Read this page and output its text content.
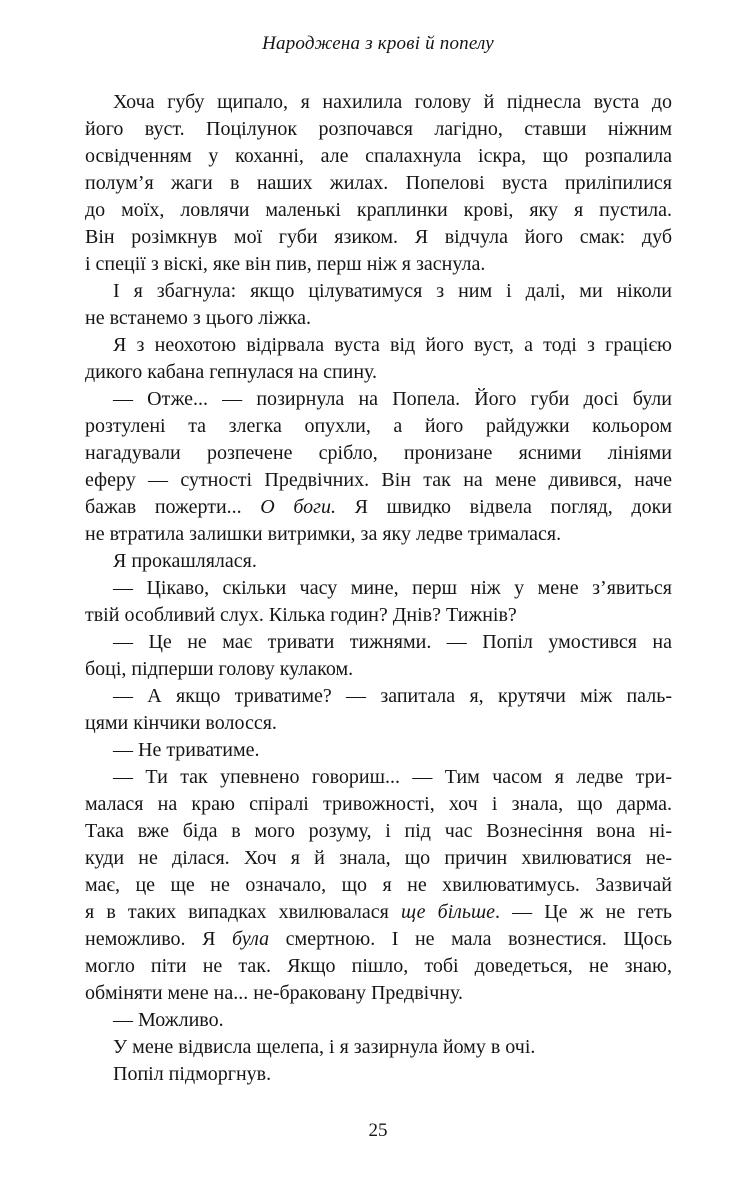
Народжена з крові й попелу
Хоча губу щипало, я нахилила голову й піднесла вуста до
його вуст. Поцілунок розпочався лагідно, ставши ніжним
освідченням у коханні, але спалахнула іскра, що розпалила
полум’я жаги в наших жилах. Попелові вуста приліпилися
до моїх, ловлячи маленькі краплинки крові, яку я пустила.
Він розімкнув мої губи язиком. Я відчула його смак: дуб
і спеції з віскі, яке він пив, перш ніж я заснула.
І я збагнула: якщо цілуватимуся з ним і далі, ми ніколи
не встанемо з цього ліжка.
Я з неохотою відірвала вуста від його вуст, а тоді з грацією
дикого кабана гепнулася на спину.
— Отже... — позирнула на Попела. Його губи досі були
розтулені та злегка опухли, а його райдужки кольором
нагадували розпечене срібло, пронизане ясними лініями
еферу — сутності Предвічних. Він так на мене дивився, наче
бажав пожерти... О боги. Я швидко відвела погляд, доки
не втратила залишки витримки, за яку ледве трималася.
Я прокашлялася.
— Цікаво, скільки часу мине, перш ніж у мене з’явиться
твій особливий слух. Кілька годин? Днів? Тижнів?
— Це не має тривати тижнями. — Попіл умостився на
боці, підперши голову кулаком.
— А якщо триватиме? — запитала я, крутячи між паль-
цями кінчики волосся.
— Не триватиме.
— Ти так упевнено говориш... — Тим часом я ледве три-
малася на краю спіралі тривожності, хоч і знала, що дарма.
Така вже біда в мого розуму, і під час Вознесіння вона ні-
куди не ділася. Хоч я й знала, що причин хвилюватися не-
має, це ще не означало, що я не хвилюватимусь. Зазвичай
я в таких випадках хвилювалася ще більше. — Це ж не геть
неможливо. Я була смертною. І не мала вознестися. Щось
могло піти не так. Якщо пішло, тобі доведеться, не знаю,
обміняти мене на... не-браковану Предвічну.
— Можливо.
У мене відвисла щелепа, і я зазирнула йому в очі.
Попіл підморгнув.
25
